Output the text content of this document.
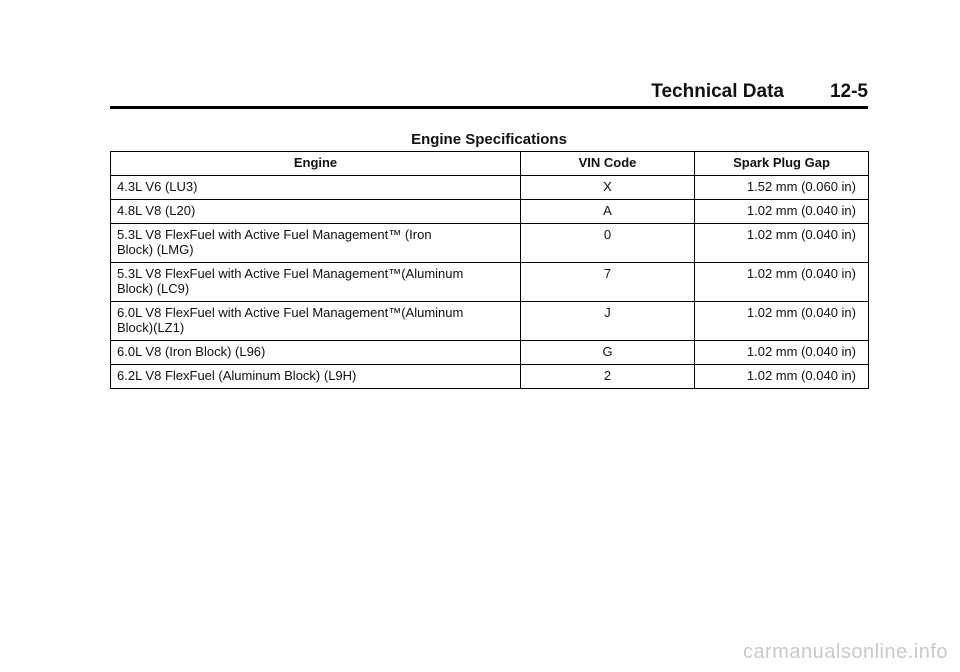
Technical Data 12-5
Engine Specifications
Engine	VIN Code	Spark Plug Gap
4.3L V6 (LU3)	X	1.52 mm (0.060 in)
4.8L V8 (L20)	A	1.02 mm (0.040 in)
5.3L V8 FlexFuel with Active Fuel Management™ (Iron
Block) (LMG)	0	1.02 mm (0.040 in)
5.3L V8 FlexFuel with Active Fuel Management™(Aluminum
Block) (LC9)	7	1.02 mm (0.040 in)
6.0L V8 FlexFuel with Active Fuel Management™(Aluminum
Block)(LZ1)	J	1.02 mm (0.040 in)
6.0L V8 (Iron Block) (L96)	G	1.02 mm (0.040 in)
6.2L V8 FlexFuel (Aluminum Block) (L9H)	2	1.02 mm (0.040 in)
carmanualsonline.info
